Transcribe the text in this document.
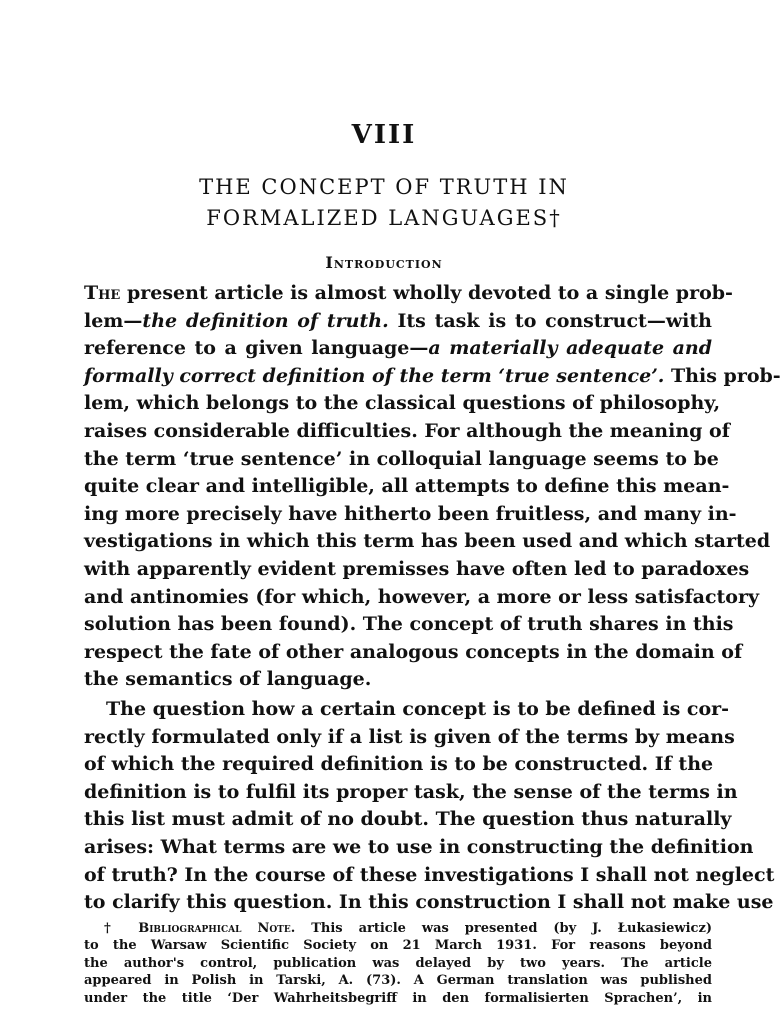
VIII
THE CONCEPT OF TRUTH IN
FORMALIZED LANGUAGES†
Introduction
The present article is almost wholly devoted to a single prob-
lem—the definition of truth. Its task is to construct—with
reference to a given language—a materially adequate and
formally correct definition of the term ‘true sentence’. This prob-
lem, which belongs to the classical questions of philosophy,
raises considerable difficulties. For although the meaning of
the term ‘true sentence’ in colloquial language seems to be
quite clear and intelligible, all attempts to define this mean-
ing more precisely have hitherto been fruitless, and many in-
vestigations in which this term has been used and which started
with apparently evident premisses have often led to paradoxes
and antinomies (for which, however, a more or less satisfactory
solution has been found). The concept of truth shares in this
respect the fate of other analogous concepts in the domain of
the semantics of language.
The question how a certain concept is to be defined is cor-
rectly formulated only if a list is given of the terms by means
of which the required definition is to be constructed. If the
definition is to fulfil its proper task, the sense of the terms in
this list must admit of no doubt. The question thus naturally
arises: What terms are we to use in constructing the definition
of truth? In the course of these investigations I shall not neglect
to clarify this question. In this construction I shall not make use
† Bibliographical Note. This article was presented (by J. Łukasiewicz)
to the Warsaw Scientific Society on 21 March 1931. For reasons beyond
the author's control, publication was delayed by two years. The article
appeared in Polish in Tarski, A. (73). A German translation was published
under the title ‘Der Wahrheitsbegriff in den formalisierten Sprachen’, in
